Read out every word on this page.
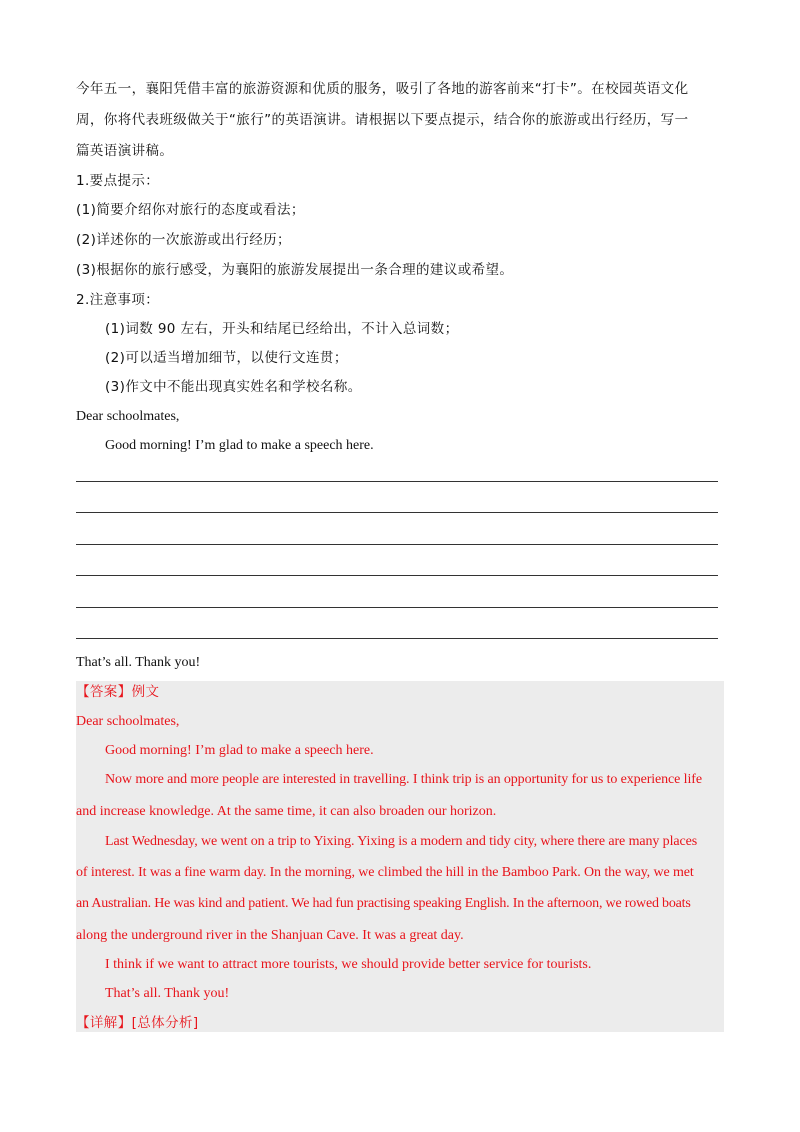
今年五一，襄阳凭借丰富的旅游资源和优质的服务，吸引了各地的游客前来“打卡”。在校园英语文化
周，你将代表班级做关于“旅行”的英语演讲。请根据以下要点提示，结合你的旅游或出行经历，写一
篇英语演讲稿。
1.要点提示：
(1)简要介绍你对旅行的态度或看法；
(2)详述你的一次旅游或出行经历；
(3)根据你的旅行感受，为襄阳的旅游发展提出一条合理的建议或希望。
2.注意事项：
(1)词数 90 左右，开头和结尾已经给出，不计入总词数；
(2)可以适当增加细节，以使行文连贯；
(3)作文中不能出现真实姓名和学校名称。
Dear schoolmates,
Good morning! I’m glad to make a speech here.
That’s all. Thank you!
【答案】例文
Dear schoolmates,
Good morning! I’m glad to make a speech here.
Now more and more people are interested in travelling. I think trip is an opportunity for us to experience life
and increase knowledge. At the same time, it can also broaden our horizon.
Last Wednesday, we went on a trip to Yixing. Yixing is a modern and tidy city, where there are many places
of interest. It was a fine warm day. In the morning, we climbed the hill in the Bamboo Park. On the way, we met
an Australian. He was kind and patient. We had fun practising speaking English. In the afternoon, we rowed boats
along the underground river in the Shanjuan Cave. It was a great day.
I think if we want to attract more tourists, we should provide better service for tourists.
That’s all. Thank you!
【详解】[总体分析]
